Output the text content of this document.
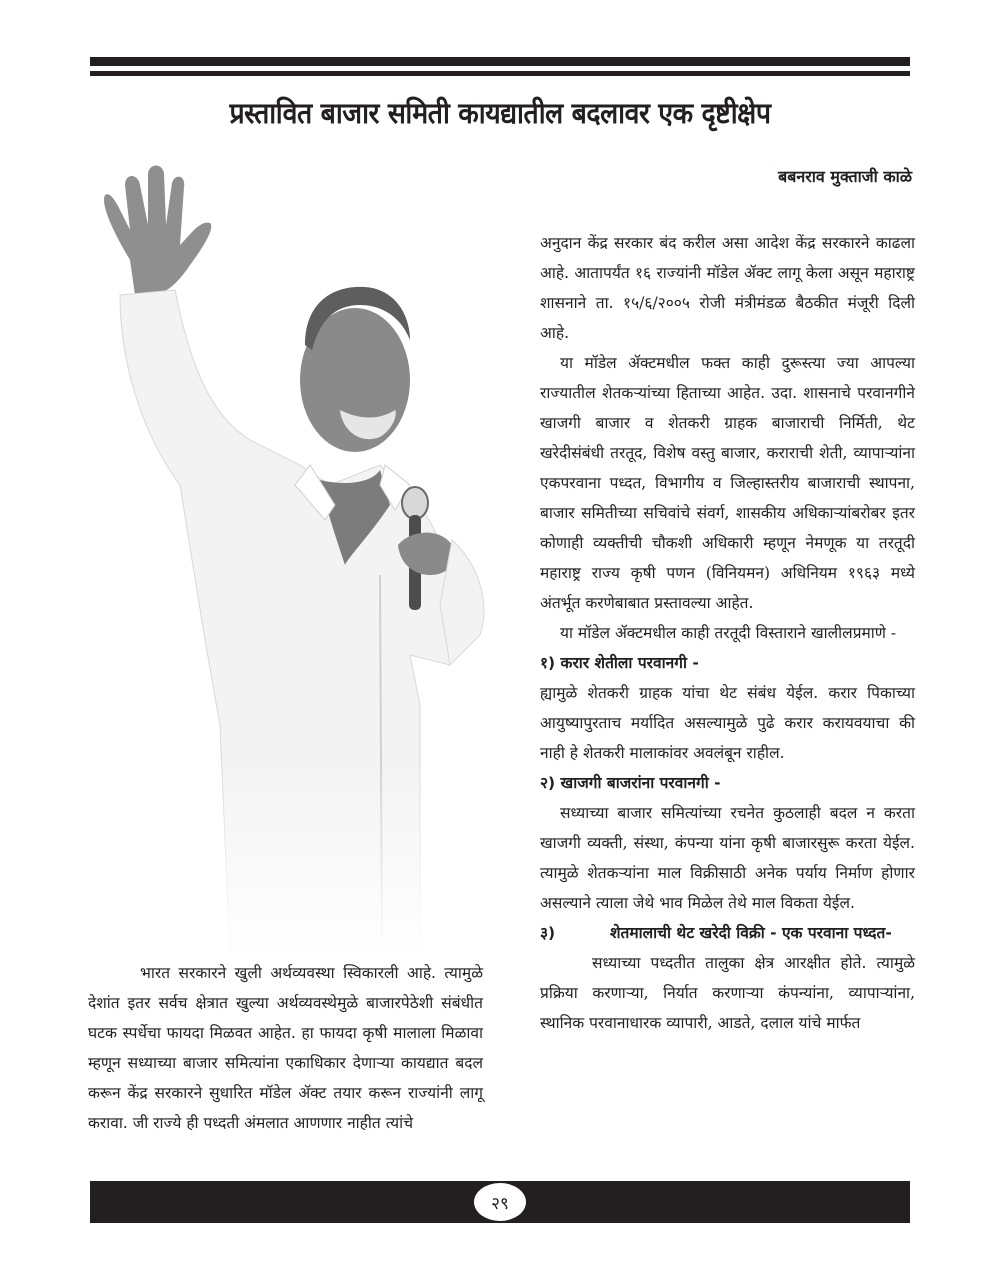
प्रस्तावित बाजार समिती कायद्यातील बदलावर एक दृष्टीक्षेप
बबनराव मुक्ताजी काळे

अनुदान केंद्र सरकार बंद करील असा आदेश केंद्र सरकारने काढला आहे. आतापर्यंत १६ राज्यांनी मॉडेल ॲक्ट लागू केला असून महाराष्ट्र शासनाने ता. १५/६/२००५ रोजी मंत्रीमंडळ बैठकीत मंजूरी दिली आहे.

या मॉडेल ॲक्टमधील फक्त काही दुरूस्त्या ज्या आपल्या राज्यातील शेतकऱ्यांच्या हिताच्या आहेत. उदा. शासनाचे परवानगीने खाजगी बाजार व शेतकरी ग्राहक बाजाराची निर्मिती, थेट खरेदीसंबंधी तरतूद, विशेष वस्तु बाजार, कराराची शेती, व्यापाऱ्यांना एकपरवाना पध्दत, विभागीय व जिल्हास्तरीय बाजाराची स्थापना, बाजार समितीच्या सचिवांचे संवर्ग, शासकीय अधिकाऱ्यांबरोबर इतर कोणाही व्यक्तीची चौकशी अधिकारी म्हणून नेमणूक या तरतूदी महाराष्ट्र राज्य कृषी पणन (विनियमन) अधिनियम १९६३ मध्ये अंतर्भूत करणेबाबात प्रस्तावल्या आहेत.

या मॉडेल ॲक्टमधील काही तरतूदी विस्ताराने खालीलप्रमाणे -

१) करार शेतीला परवानगी -

ह्यामुळे शेतकरी ग्राहक यांचा थेट संबंध येईल. करार पिकाच्या आयुष्यापुरताच मर्यादित असल्यामुळे पुढे करार करायवयाचा की नाही हे शेतकरी मालाकांवर अवलंबून राहील.

२) खाजगी बाजरांना परवानगी -

सध्याच्या बाजार समित्यांच्या रचनेत कुठलाही बदल न करता खाजगी व्यक्ती, संस्था, कंपन्या यांना कृषी बाजारसुरू करता येईल. त्यामुळे शेतकऱ्यांना माल विक्रीसाठी अनेक पर्याय निर्माण होणार असल्याने त्याला जेथे भाव मिळेल तेथे माल विकता येईल.

३)	शेतमालाची थेट खरेदी विक्री - एक परवाना पध्दत-

सध्याच्या पध्दतीत तालुका क्षेत्र आरक्षीत होते. त्यामुळे प्रक्रिया करणाऱ्या, निर्यात करणाऱ्या कंपन्यांना, व्यापाऱ्यांना, स्थानिक परवानाधारक व्यापारी, आडते, दलाल यांचे मार्फत

भारत सरकारने खुली अर्थव्यवस्था स्विकारली आहे. त्यामुळे देशांत इतर सर्वच क्षेत्रात खुल्या अर्थव्यवस्थेमुळे बाजारपेठेशी संबंधीत घटक स्पर्धेचा फायदा मिळवत आहेत. हा फायदा कृषी मालाला मिळावा म्हणून सध्याच्या बाजार समित्यांना एकाधिकार देणाऱ्या कायद्यात बदल करून केंद्र सरकारने सुधारित मॉडेल ॲक्ट तयार करून राज्यांनी लागू करावा. जी राज्ये ही पध्दती अंमलात आणणार नाहीत त्यांचे

२९
